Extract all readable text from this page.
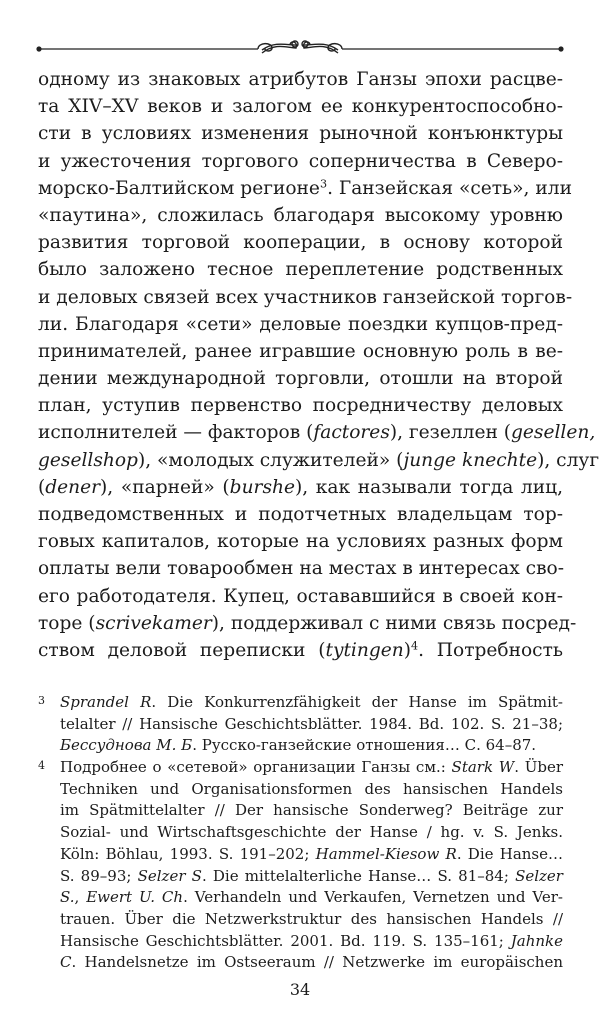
одному из знаковых атрибутов Ганзы эпохи расцве-
та XIV–XV веков и залогом ее конкурентоспособно-
сти в условиях изменения рыночной конъюнктуры
и ужесточения торгового соперничества в Северо-
морско-Балтийском регионе$^3$. Ганзейская «сеть», или
«паутина», сложилась благодаря высокому уровню
развития торговой кооперации, в основу которой
было заложено тесное переплетение родственных
и деловых связей всех участников ганзейской торгов-
ли. Благодаря «сети» деловые поездки купцов-пред-
принимателей, ранее игравшие основную роль в ве-
дении международной торговли, отошли на второй
план, уступив первенство посредничеству деловых
исполнителей — факторов (factores), гезеллен (gesellen,
gesellshop), «молодых служителей» (junge knechte), слуг
(dener), «парней» (burshe), как называли тогда лиц,
подведомственных и подотчетных владельцам тор-
говых капиталов, которые на условиях разных форм
оплаты вели товарообмен на местах в интересах сво-
его работодателя. Купец, остававшийся в своей кон-
торе (scrivekamer), поддерживал с ними связь посред-
ством деловой переписки (tytingen)$^4$. Потребность
3 Sprandel R. Die Konkurrenzfähigkeit der Hanse im Spätmit-
telalter // Hansische Geschichtsblätter. 1984. Bd. 102. S. 21–38;
Бессуднова М. Б. Русско-ганзейские отношения… С. 64–87.
4 Подробнее о «сетевой» организации Ганзы см.: Stark W. Über
Techniken und Organisationsformen des hansischen Handels
im Spätmittelalter // Der hansische Sonderweg? Beiträge zur
Sozial- und Wirtschaftsgeschichte der Hanse / hg. v. S. Jenks.
Köln: Böhlau, 1993. S. 191–202; Hammel-Kiesow R. Die Hanse…
S. 89–93; Selzer S. Die mittelalterliche Hanse… S. 81–84; Selzer
S., Ewert U. Ch. Verhandeln und Verkaufen, Vernetzen und Ver-
trauen. Über die Netzwerkstruktur des hansischen Handels //
Hansische Geschichtsblätter. 2001. Bd. 119. S. 135–161; Jahnke
C. Handelsnetze im Ostseeraum // Netzwerke im europäischen
34
